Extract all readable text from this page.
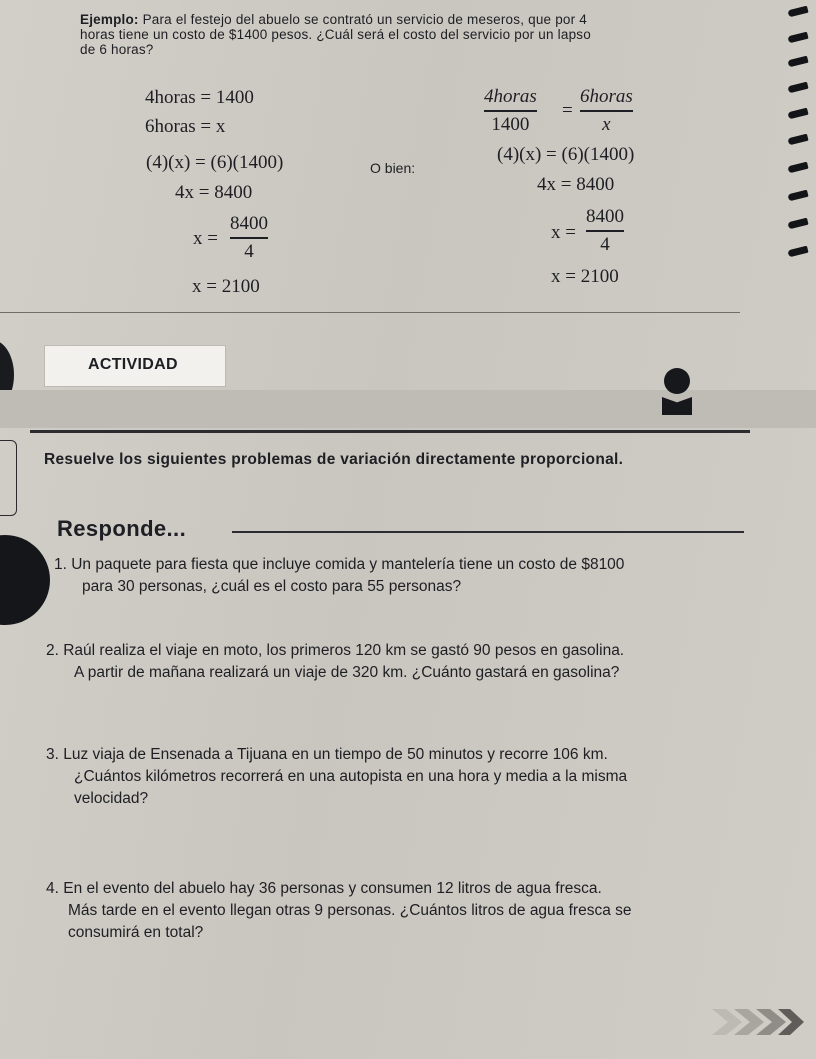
Ejemplo: Para el festejo del abuelo se contrató un servicio de meseros, que por 4
horas tiene un costo de $1400 pesos. ¿Cuál será el costo del servicio por un lapso
de 6 horas?
4horas = 1400
6horas = x
(4)(x) = (6)(1400)
4x = 8400
x =
8400
4
x = 2100
O bien:
4horas
1400
=
6horas
x
(4)(x) = (6)(1400)
4x = 8400
x =
8400
4
x = 2100
ACTIVIDAD
Resuelve los siguientes problemas de variación directamente proporcional.
Responde...
1. Un paquete para fiesta que incluye comida y mantelería tiene un costo de $8100
para 30 personas, ¿cuál es el costo para 55 personas?
2. Raúl realiza el viaje en moto, los primeros 120 km se gastó 90 pesos en gasolina.
A partir de mañana realizará un viaje de 320 km. ¿Cuánto gastará en gasolina?
3. Luz viaja de Ensenada a Tijuana en un tiempo de 50 minutos y recorre 106 km.
¿Cuántos kilómetros recorrerá en una autopista en una hora y media a la misma
velocidad?
4. En el evento del abuelo hay 36 personas y consumen 12 litros de agua fresca.
Más tarde en el evento llegan otras 9 personas. ¿Cuántos litros de agua fresca se
consumirá en total?
